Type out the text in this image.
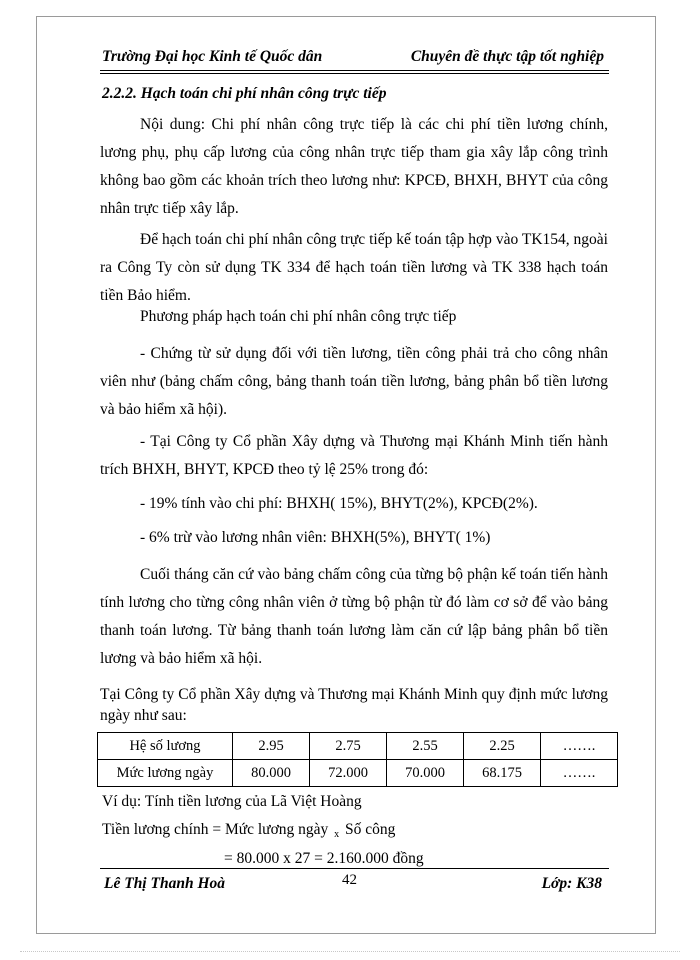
Trường Đại học Kinh tế Quốc dân	Chuyên đề thực tập tốt nghiệp
2.2.2. Hạch toán chi phí nhân công trực tiếp
Nội dung: Chi phí nhân công trực tiếp là các chi phí tiền lương chính, lương phụ, phụ cấp lương của công nhân trực tiếp tham gia xây lắp công trình không bao gồm các khoản trích theo lương như: KPCĐ, BHXH, BHYT của công nhân trực tiếp xây lắp.
Để hạch toán chi phí nhân công trực tiếp kế toán tập hợp vào TK154, ngoài ra Công Ty còn sử dụng TK 334 để hạch toán tiền lương và TK 338 hạch toán tiền Bảo hiểm.
Phương pháp hạch toán chi phí nhân công trực tiếp
- Chứng từ sử dụng đối với tiền lương, tiền công phải trả cho công nhân viên như (bảng chấm công, bảng thanh toán tiền lương, bảng phân bổ tiền lương và bảo hiểm xã hội).
- Tại Công ty Cổ phần Xây dựng và Thương mại Khánh Minh tiến hành trích BHXH, BHYT, KPCĐ theo tỷ lệ 25% trong đó:
- 19% tính vào chi phí: BHXH( 15%), BHYT(2%), KPCĐ(2%).
- 6% trừ vào lương nhân viên: BHXH(5%), BHYT( 1%)
Cuối tháng căn cứ vào bảng chấm công của từng bộ phận kế toán tiến hành tính lương cho từng công nhân viên ở từng bộ phận từ đó làm cơ sở để vào bảng thanh toán lương. Từ bảng thanh toán lương làm căn cứ lập bảng phân bổ tiền lương và bảo hiểm xã hội.
Tại Công ty Cổ phần Xây dựng và Thương mại Khánh Minh quy định mức lương ngày như sau:
Hệ số lương	2.95	2.75	2.55	2.25	…….
Mức lương ngày	80.000	72.000	70.000	68.175	…….
Ví dụ: Tính tiền lương của Lã Việt Hoàng
Tiền lương chính = Mức lương ngày x Số công
= 80.000 x 27 = 2.160.000 đồng
Lê Thị Thanh Hoà	42	Lớp: K38
